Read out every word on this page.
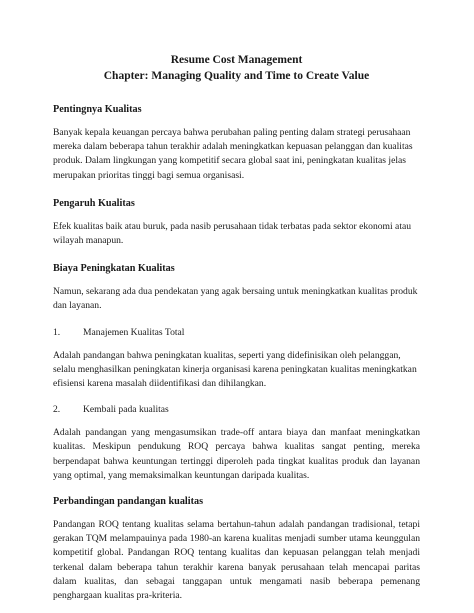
Resume Cost Management
Chapter: Managing Quality and Time to Create Value
Pentingnya Kualitas

Banyak kepala keuangan percaya bahwa perubahan paling penting dalam strategi perusahaan mereka dalam beberapa tahun terakhir adalah meningkatkan kepuasan pelanggan dan kualitas produk. Dalam lingkungan yang kompetitif secara global saat ini, peningkatan kualitas jelas merupakan prioritas tinggi bagi semua organisasi.

Pengaruh Kualitas

Efek kualitas baik atau buruk, pada nasib perusahaan tidak terbatas pada sektor ekonomi atau wilayah manapun.

Biaya Peningkatan Kualitas

Namun, sekarang ada dua pendekatan yang agak bersaing untuk meningkatkan kualitas produk dan layanan.

1.	Manajemen Kualitas Total

Adalah pandangan bahwa peningkatan kualitas, seperti yang didefinisikan oleh pelanggan, selalu menghasilkan peningkatan kinerja organisasi karena peningkatan kualitas meningkatkan efisiensi karena masalah diidentifikasi dan dihilangkan.

2.	Kembali pada kualitas

Adalah pandangan yang mengasumsikan trade-off antara biaya dan manfaat meningkatkan kualitas. Meskipun pendukung ROQ percaya bahwa kualitas sangat penting, mereka berpendapat bahwa keuntungan tertinggi diperoleh pada tingkat kualitas produk dan layanan yang optimal, yang memaksimalkan keuntungan daripada kualitas.

Perbandingan pandangan kualitas

Pandangan ROQ tentang kualitas selama bertahun-tahun adalah pandangan tradisional, tetapi gerakan TQM melampauinya pada 1980-an karena kualitas menjadi sumber utama keunggulan kompetitif global. Pandangan ROQ tentang kualitas dan kepuasan pelanggan telah menjadi terkenal dalam beberapa tahun terakhir karena banyak perusahaan telah mencapai paritas dalam kualitas, dan sebagai tanggapan untuk mengamati nasib beberapa pemenang penghargaan kualitas pra-kriteria.
